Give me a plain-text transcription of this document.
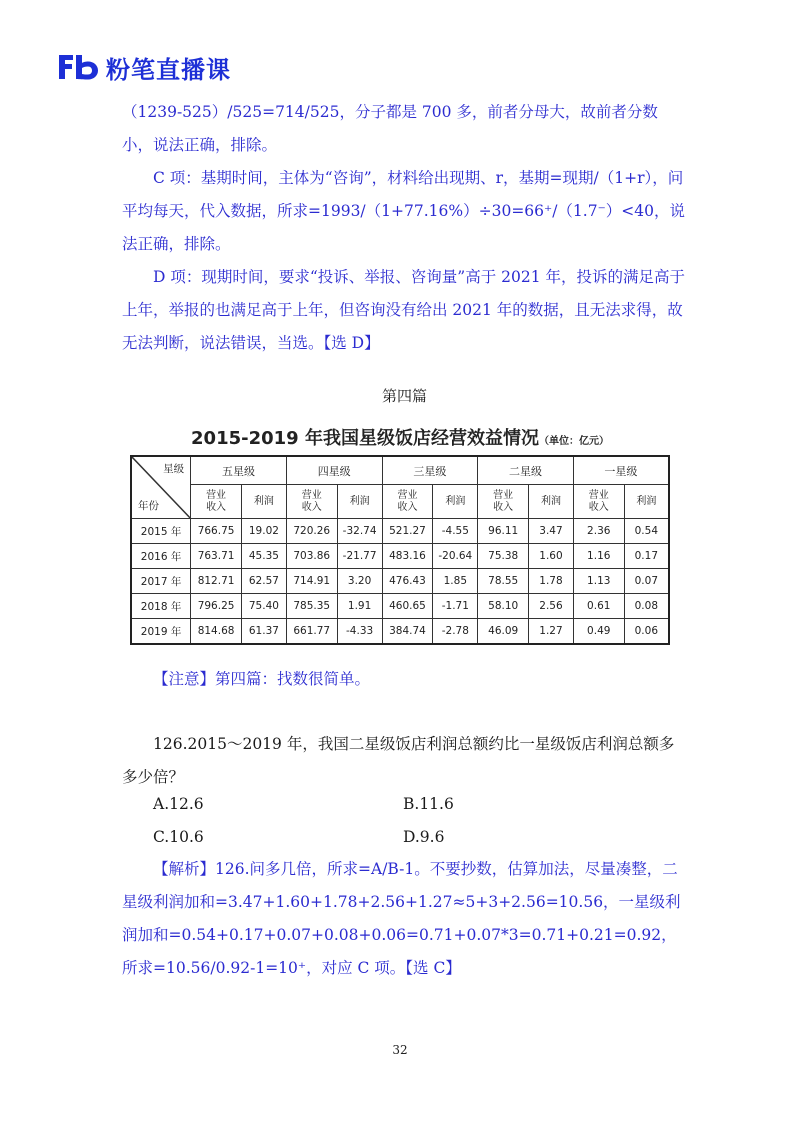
粉笔直播课
（1239-525）/525=714/525，分子都是 700 多，前者分母大，故前者分数小，说法正确，排除。
C 项：基期时间，主体为“咨询”，材料给出现期、r，基期=现期/（1+r），问平均每天，代入数据，所求=1993/（1+77.16%）÷30=66⁺/（1.7⁻）<40，说法正确，排除。
D 项：现期时间，要求“投诉、举报、咨询量”高于 2021 年，投诉的满足高于上年，举报的也满足高于上年，但咨询没有给出 2021 年的数据，且无法求得，故无法判断，说法错误，当选。【选 D】
第四篇
2015-2019 年我国星级饭店经营效益情况（单位：亿元）
星级
年份	五星级		四星级		三星级		二星级		一星级	
	营业收入	利润	营业收入	利润	营业收入	利润	营业收入	利润	营业收入	利润
2015 年	766.75	19.02	720.26	-32.74	521.27	-4.55	96.11	3.47	2.36	0.54
2016 年	763.71	45.35	703.86	-21.77	483.16	-20.64	75.38	1.60	1.16	0.17
2017 年	812.71	62.57	714.91	3.20	476.43	1.85	78.55	1.78	1.13	0.07
2018 年	796.25	75.40	785.35	1.91	460.65	-1.71	58.10	2.56	0.61	0.08
2019 年	814.68	61.37	661.77	-4.33	384.74	-2.78	46.09	1.27	0.49	0.06
【注意】第四篇：找数很简单。
126.2015～2019 年，我国二星级饭店利润总额约比一星级饭店利润总额多多少倍？
A.12.6	B.11.6
C.10.6	D.9.6
【解析】126.问多几倍，所求=A/B-1。不要抄数，估算加法，尽量凑整，二星级利润加和=3.47+1.60+1.78+2.56+1.27≈5+3+2.56=10.56，一星级利润加和=0.54+0.17+0.07+0.08+0.06=0.71+0.07*3=0.71+0.21=0.92，所求=10.56/0.92-1=10⁺，对应 C 项。【选 C】
32
